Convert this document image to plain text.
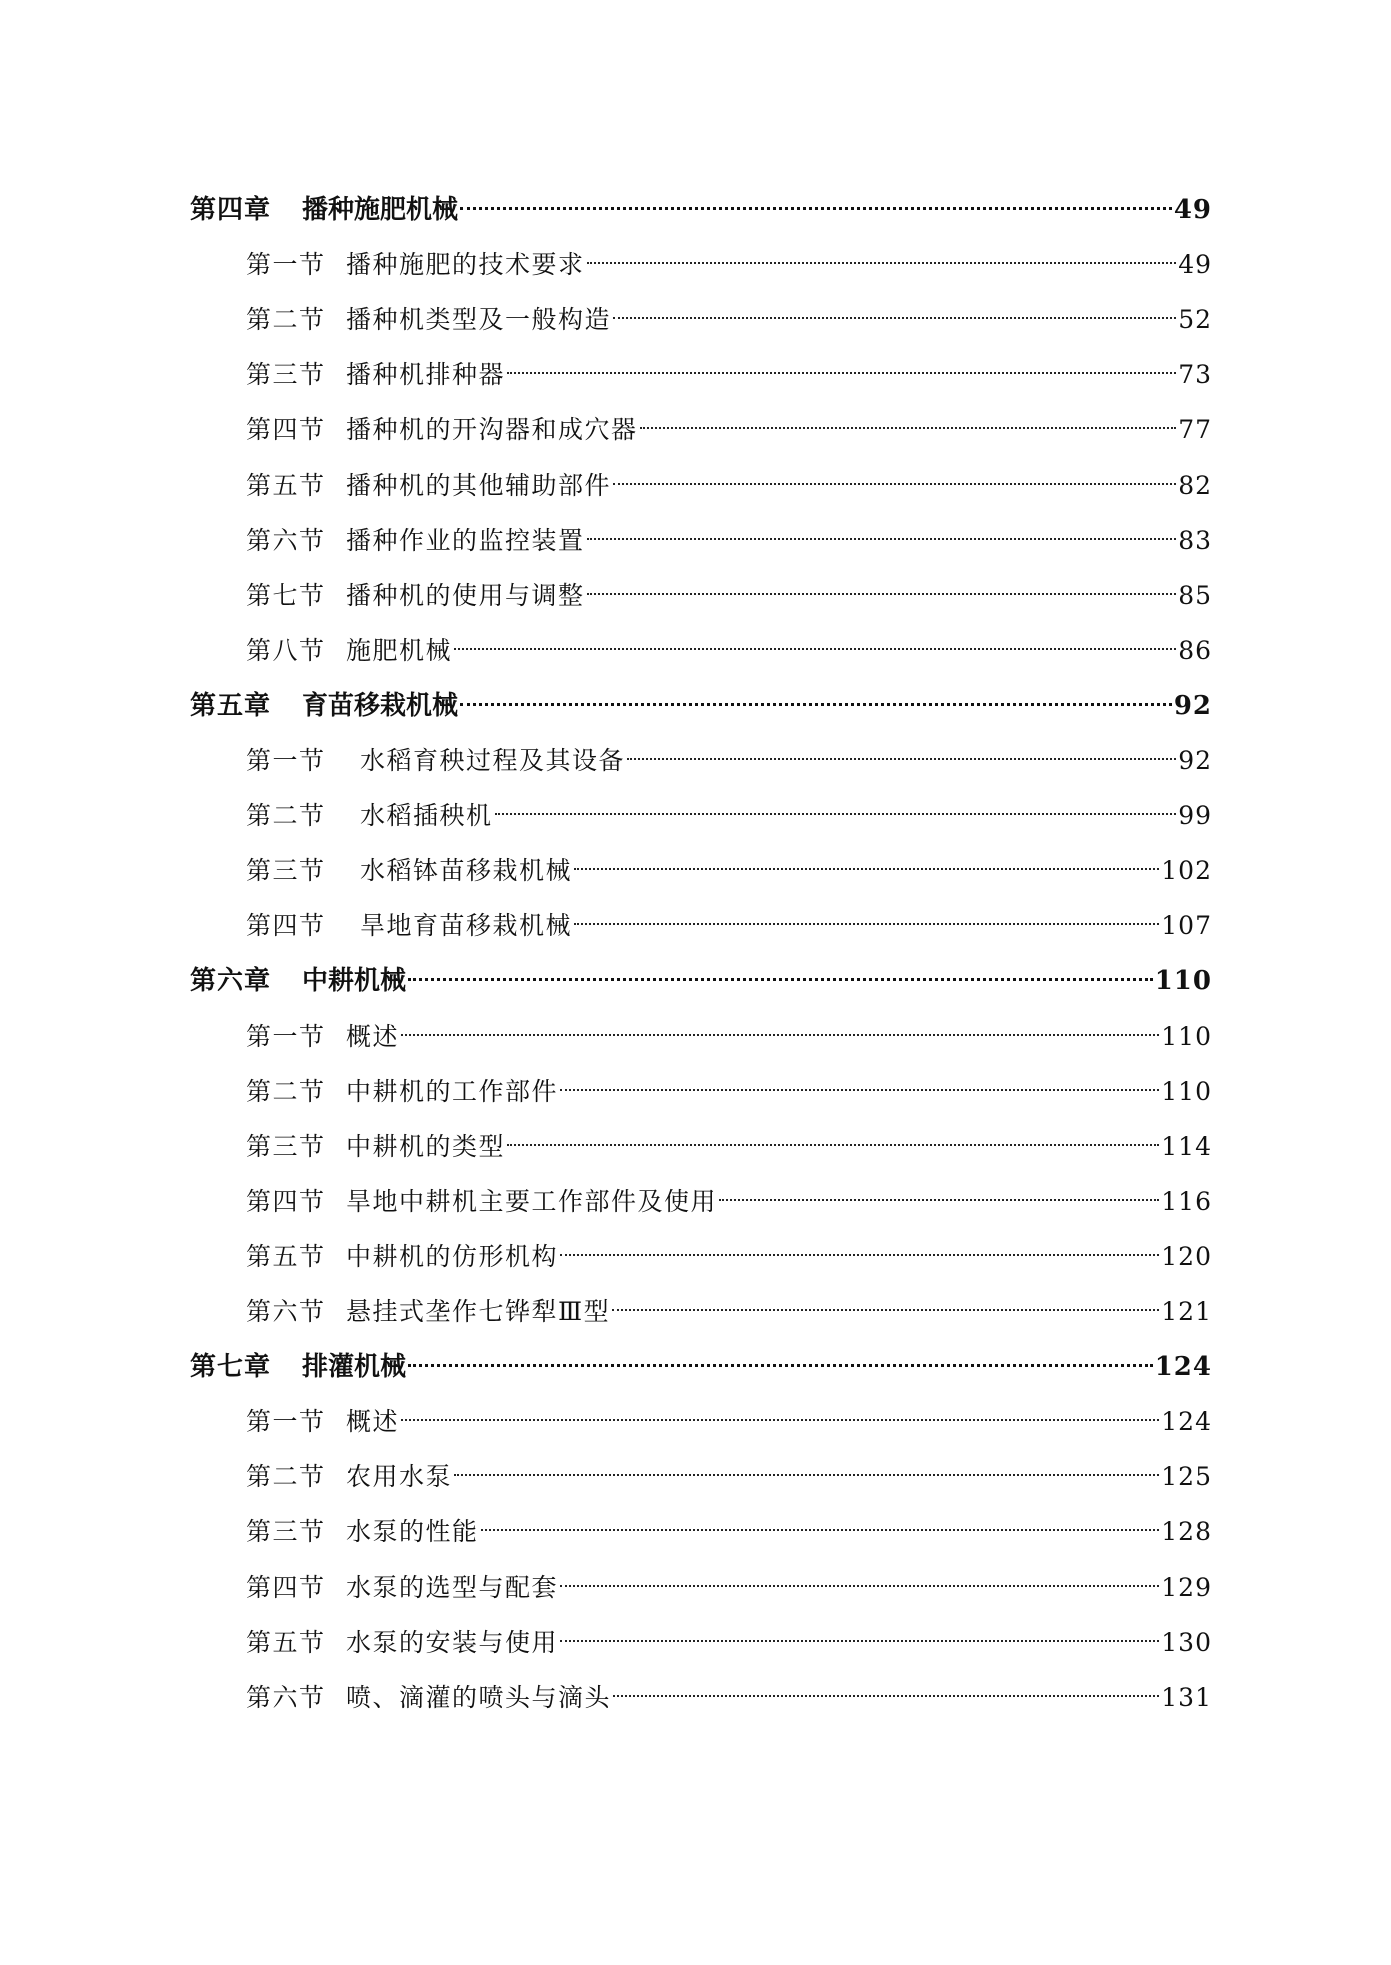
第四章	播种施肥机械	49
第一节 播种施肥的技术要求	49
第二节 播种机类型及一般构造	52
第三节 播种机排种器	73
第四节 播种机的开沟器和成穴器	77
第五节 播种机的其他辅助部件	82
第六节 播种作业的监控装置	83
第七节 播种机的使用与调整	85
第八节 施肥机械	86
第五章	育苗移栽机械	92
第一节	水稻育秧过程及其设备	92
第二节	水稻插秧机	99
第三节	水稻钵苗移栽机械	102
第四节	旱地育苗移栽机械	107
第六章	中耕机械	110
第一节 概述	110
第二节 中耕机的工作部件	110
第三节 中耕机的类型	114
第四节 旱地中耕机主要工作部件及使用	116
第五节 中耕机的仿形机构	120
第六节 悬挂式垄作七铧犁Ⅲ型	121
第七章	排灌机械	124
第一节 概述	124
第二节 农用水泵	125
第三节 水泵的性能	128
第四节 水泵的选型与配套	129
第五节 水泵的安装与使用	130
第六节 喷、滴灌的喷头与滴头	131
